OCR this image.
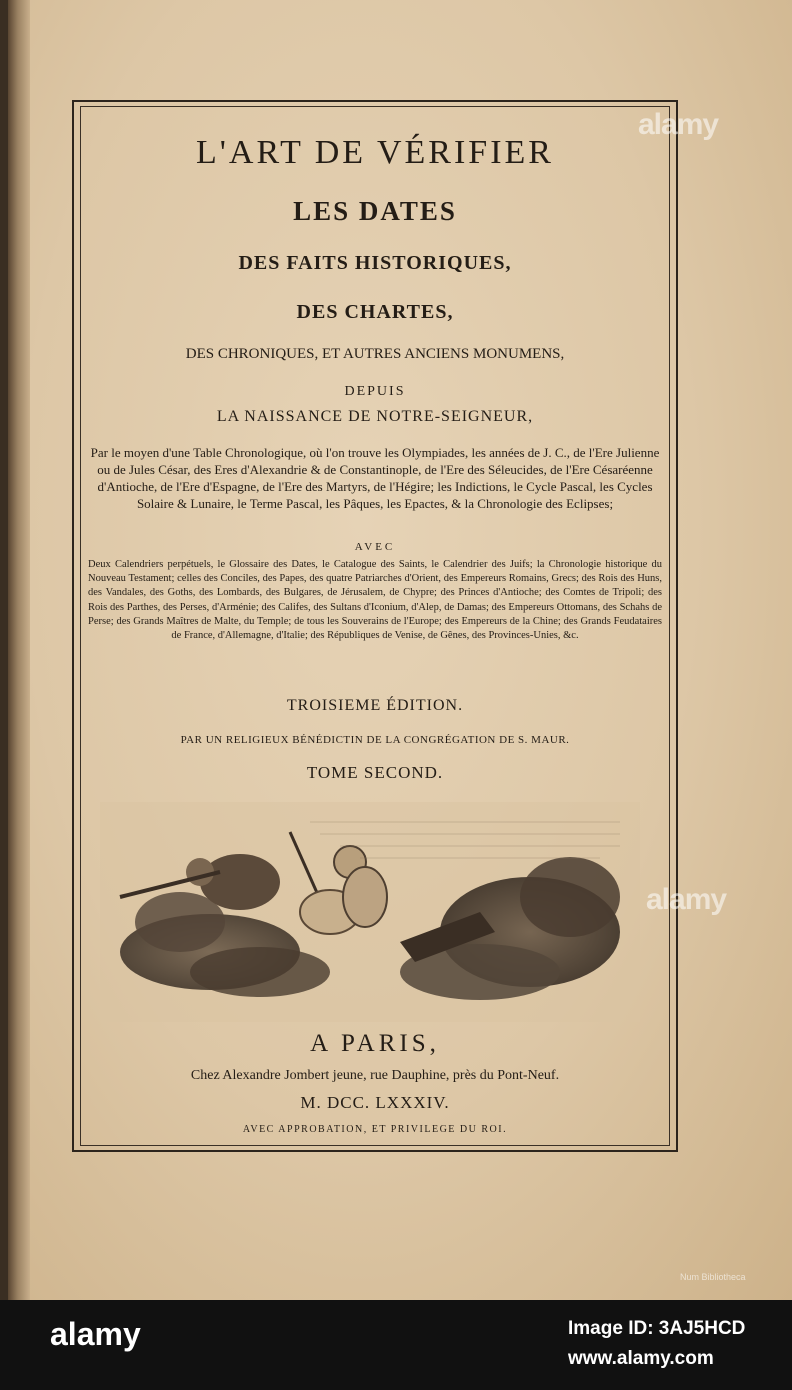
L'ART DE VÉRIFIER
LES DATES
DES FAITS HISTORIQUES,
DES CHARTES,
DES CHRONIQUES, ET AUTRES ANCIENS MONUMENS,
DEPUIS
LA NAISSANCE DE NOTRE-SEIGNEUR,
Par le moyen d'une Table Chronologique, où l'on trouve les Olympiades, les années de J. C., de l'Ere Julienne ou de Jules César, des Eres d'Alexandrie & de Constantinople, de l'Ere des Séleucides, de l'Ere Césaréenne d'Antioche, de l'Ere d'Espagne, de l'Ere des Martyrs, de l'Hégire; les Indictions, le Cycle Pascal, les Cycles Solaire & Lunaire, le Terme Pascal, les Pâques, les Epactes, & la Chronologie des Eclipses;
AVEC
Deux Calendriers perpétuels, le Glossaire des Dates, le Catalogue des Saints, le Calendrier des Juifs; la Chronologie historique du Nouveau Testament; celles des Conciles, des Papes, des quatre Patriarches d'Orient, des Empereurs Romains, Grecs; des Rois des Huns, des Vandales, des Goths, des Lombards, des Bulgares, de Jérusalem, de Chypre; des Princes d'Antioche; des Comtes de Tripoli; des Rois des Parthes, des Perses, d'Arménie; des Califes, des Sultans d'Iconium, d'Alep, de Damas; des Empereurs Ottomans, des Schahs de Perse; des Grands Maîtres de Malte, du Temple; de tous les Souverains de l'Europe; des Empereurs de la Chine; des Grands Feudataires de France, d'Allemagne, d'Italie; des Républiques de Venise, de Gênes, des Provinces-Unies, &c.
TROISIEME ÉDITION.
PAR UN RELIGIEUX BÉNÉDICTIN DE LA CONGRÉGATION DE S. MAUR.
TOME SECOND.
A PARIS,
Chez Alexandre Jombert jeune, rue Dauphine, près du Pont-Neuf.
M. DCC. LXXXIV.
AVEC APPROBATION, ET PRIVILEGE DU ROI.
alamy
alamy
Num Bibliotheca
alamy	Image ID: 3AJ5HCD
www.alamy.com
